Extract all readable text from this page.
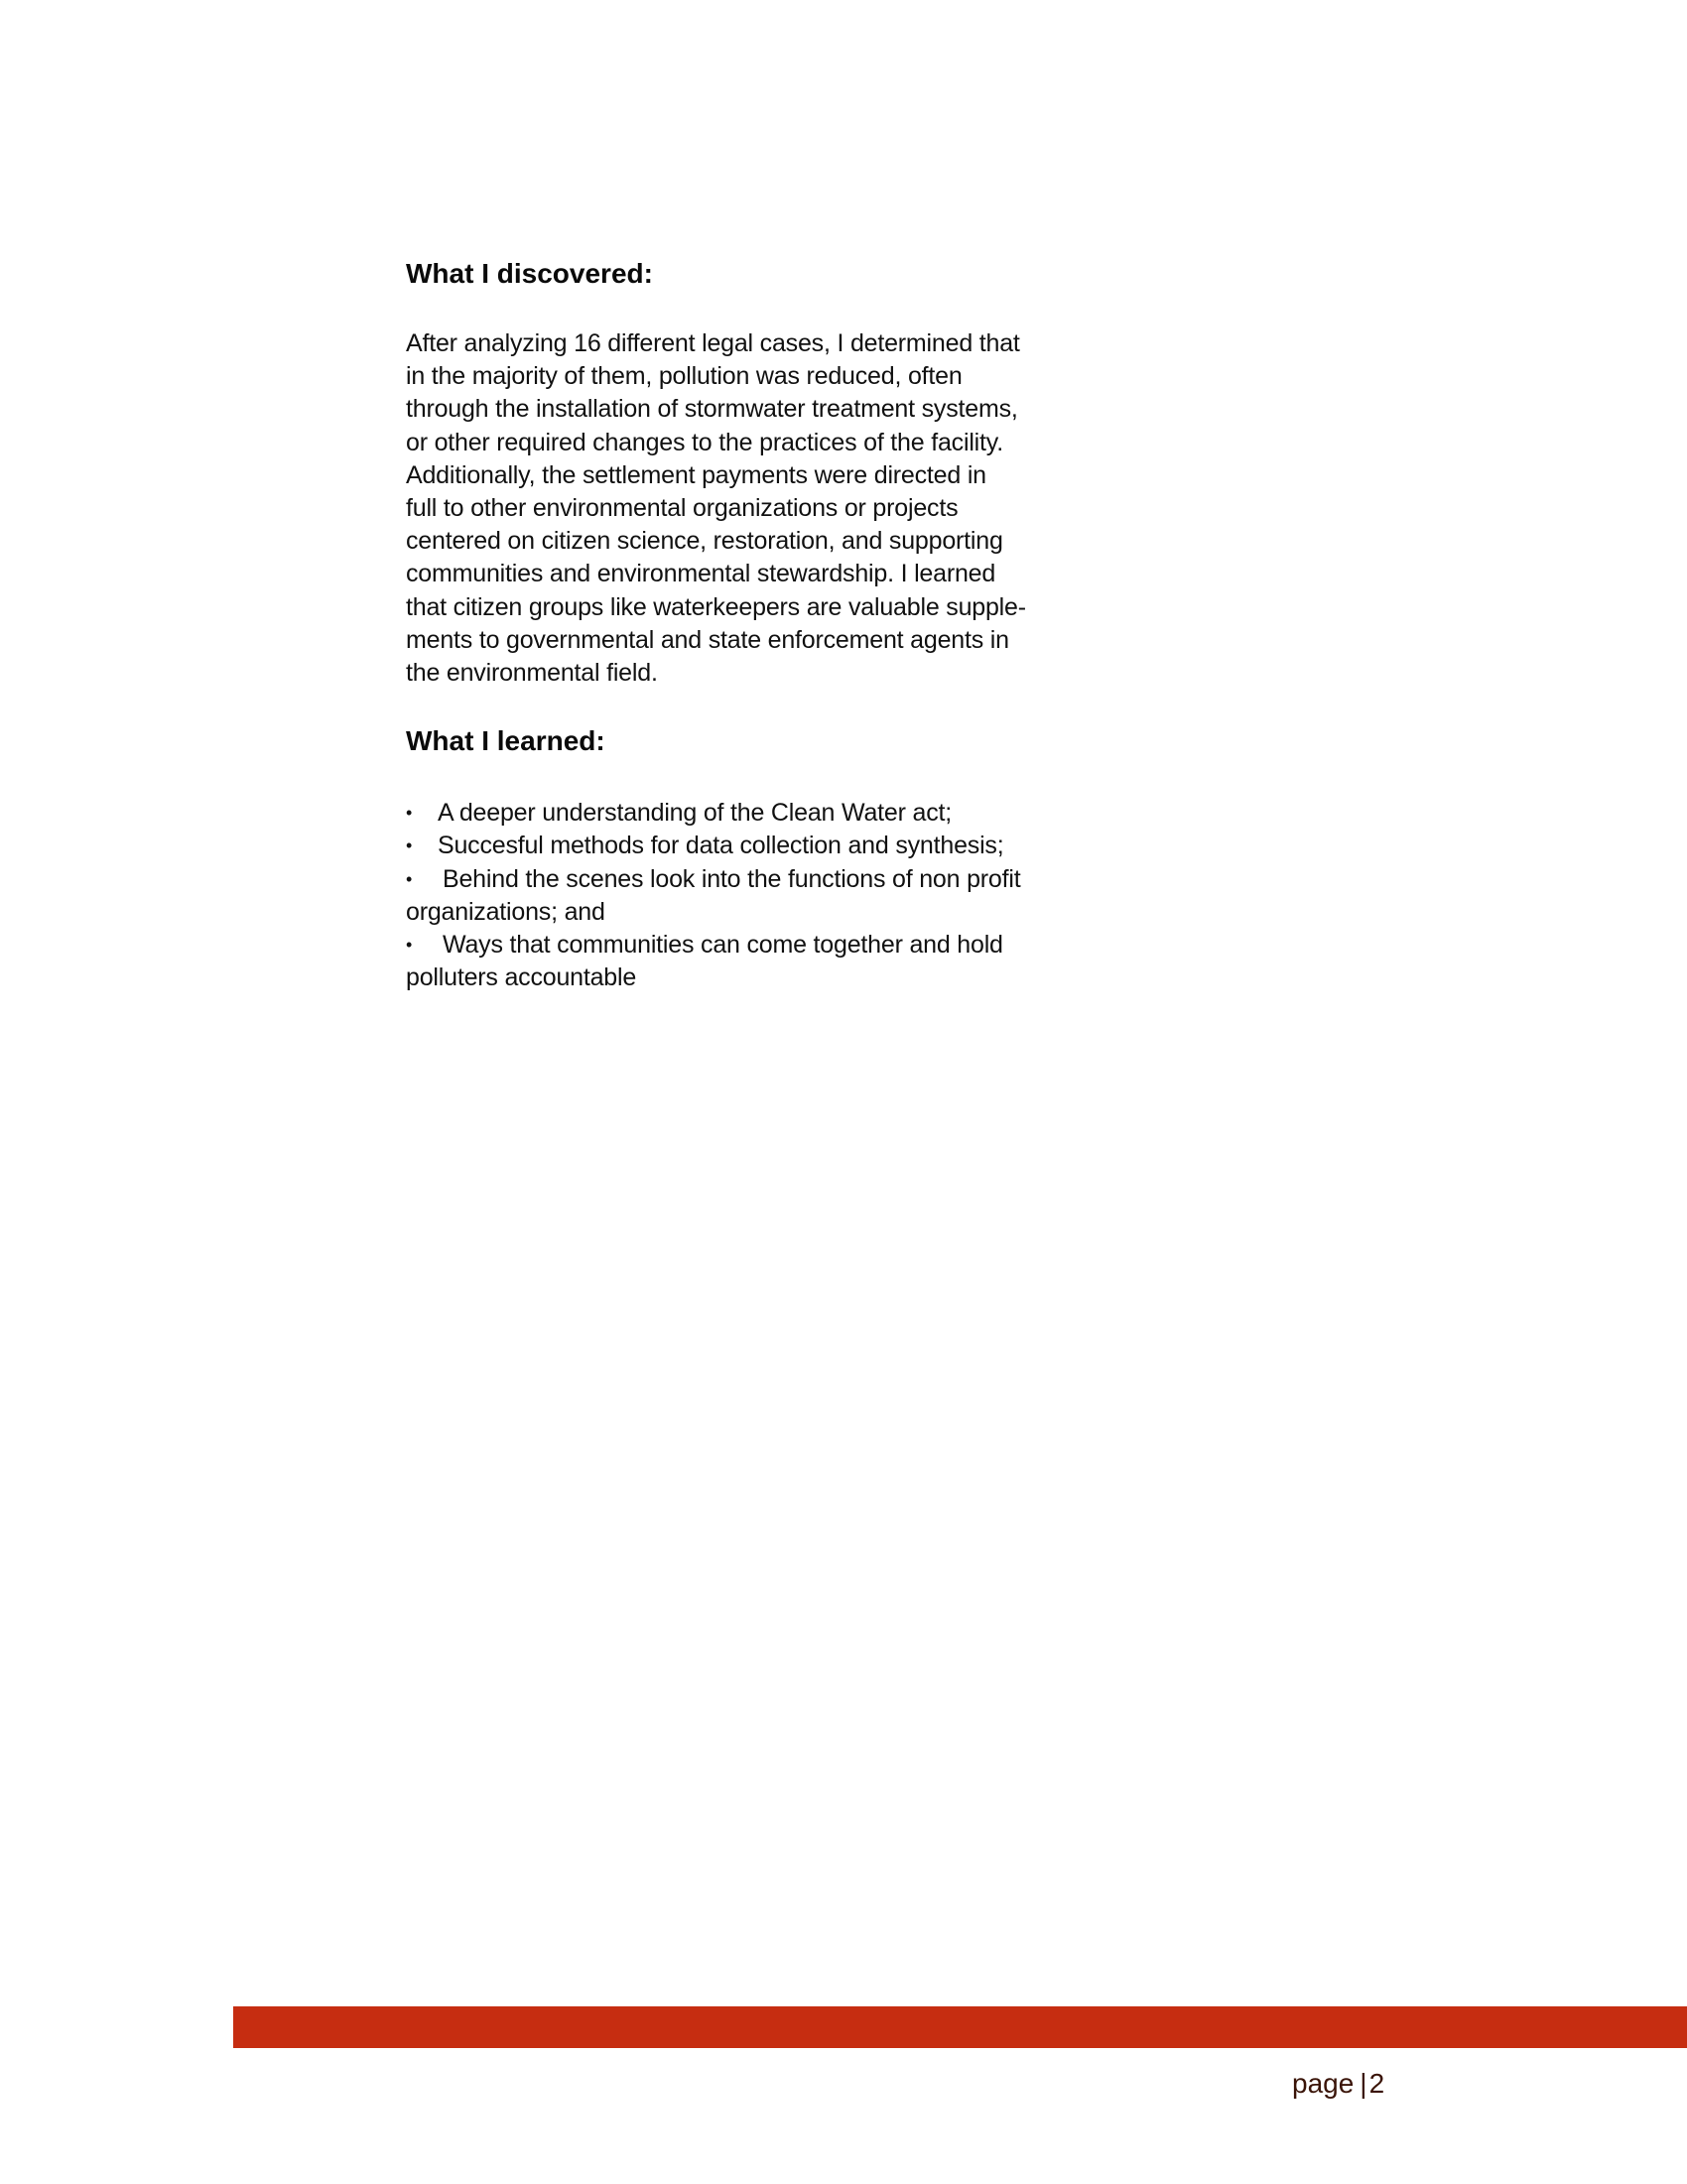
What I discovered:

After analyzing 16 different legal cases, I determined that
in the majority of them, pollution was reduced, often
through the installation of stormwater treatment systems,
or other required changes to the practices of the facility.
Additionally, the settlement payments were directed in
full to other environmental organizations or projects
centered on citizen science, restoration, and supporting
communities and environmental stewardship. I learned
that citizen groups like waterkeepers are valuable supple-
ments to governmental and state enforcement agents in
the environmental field.

What I learned:
• A deeper understanding of the Clean Water act;
• Succesful methods for data collection and synthesis;
• Behind the scenes look into the functions of non profit
organizations; and
• Ways that communities can come together and hold
polluters accountable
page |2
